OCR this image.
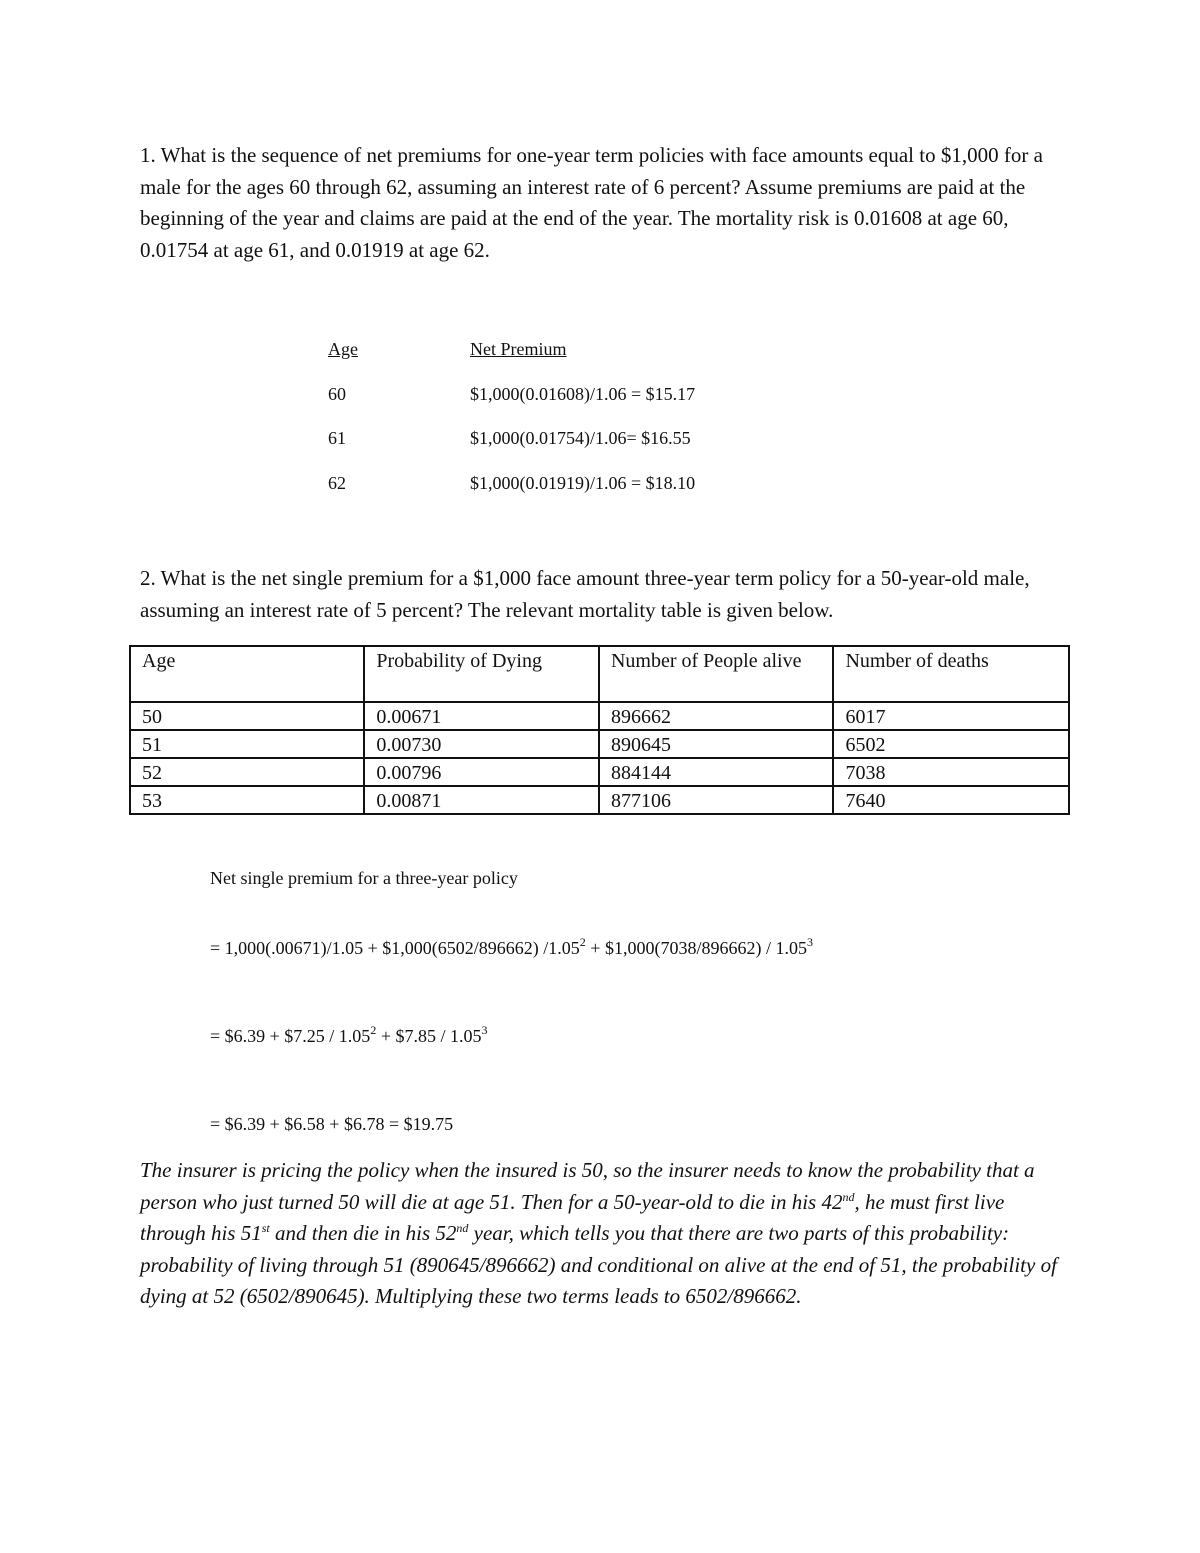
1. What is the sequence of net premiums for one-year term policies with face amounts equal to $1,000 for a male for the ages 60 through 62, assuming an interest rate of 6 percent? Assume premiums are paid at the beginning of the year and claims are paid at the end of the year. The mortality risk is 0.01608 at age 60, 0.01754 at age 61, and 0.01919 at age 62.
Age	Net Premium
60	$1,000(0.01608)/1.06 = $15.17
61	$1,000(0.01754)/1.06= $16.55
62	$1,000(0.01919)/1.06 = $18.10
2. What is the net single premium for a $1,000 face amount three-year term policy for a 50-year-old male, assuming an interest rate of 5 percent? The relevant mortality table is given below.
Age	Probability of Dying	Number of People alive	Number of deaths
50	0.00671	896662	6017
51	0.00730	890645	6502
52	0.00796	884144	7038
53	0.00871	877106	7640
Net single premium for a three-year policy
= 1,000(.00671)/1.05 + $1,000(6502/896662) $/1.05^2$ + $1,000(7038/896662) / $1.05^3$
= $6.39 + $7.25 / $1.05^2$ + $7.85 / $1.05^3$
= $6.39 + $6.58 + $6.78 = $19.75
The insurer is pricing the policy when the insured is 50, so the insurer needs to know the probability that a person who just turned 50 will die at age 51. Then for a 50-year-old to die in his 42nd, he must first live through his 51st and then die in his 52nd year, which tells you that there are two parts of this probability: probability of living through 51 (890645/896662) and conditional on alive at the end of 51, the probability of dying at 52 (6502/890645). Multiplying these two terms leads to 6502/896662.
